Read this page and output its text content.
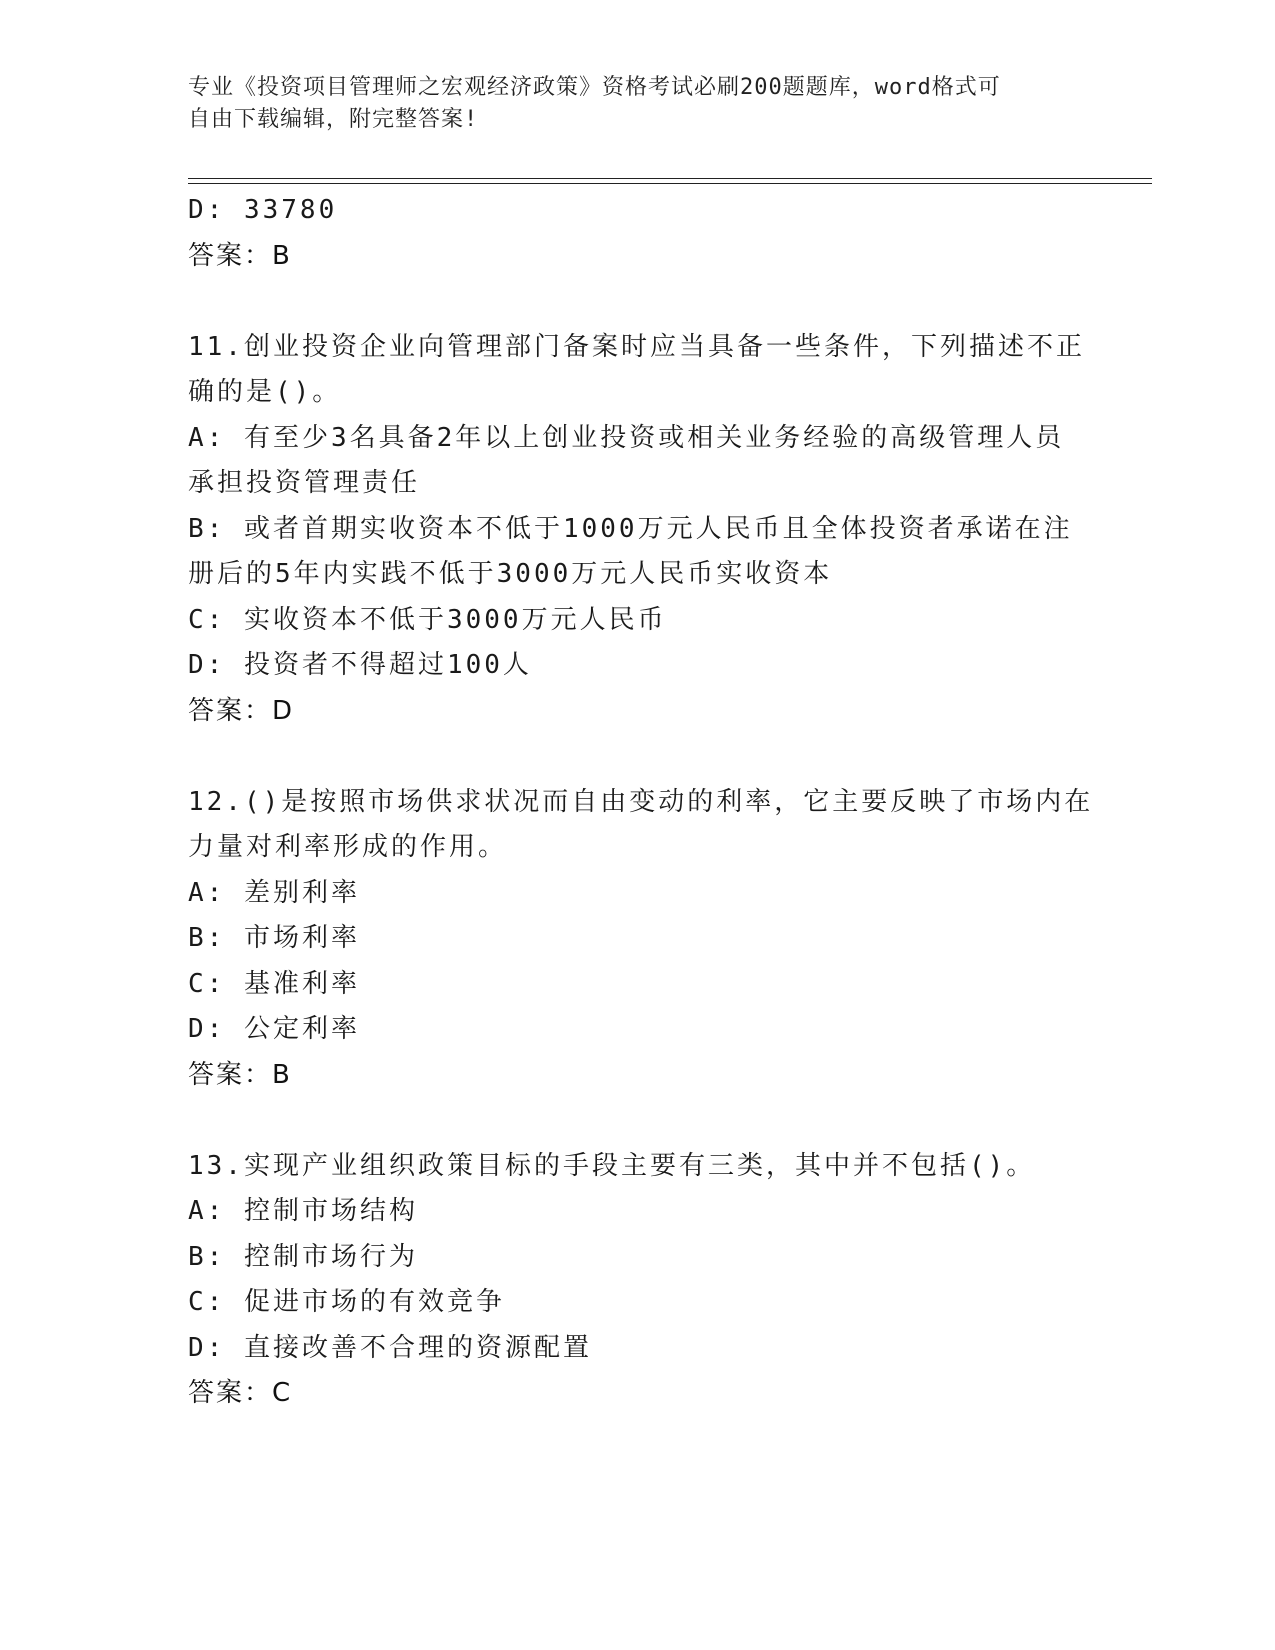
专业《投资项目管理师之宏观经济政策》资格考试必刷200题题库，word格式可
自由下载编辑，附完整答案!
D: 33780
答案：B
11.创业投资企业向管理部门备案时应当具备一些条件，下列描述不正
确的是()。
A: 有至少3名具备2年以上创业投资或相关业务经验的高级管理人员
承担投资管理责任
B: 或者首期实收资本不低于1000万元人民币且全体投资者承诺在注
册后的5年内实践不低于3000万元人民币实收资本
C: 实收资本不低于3000万元人民币
D: 投资者不得超过100人
答案：D
12.()是按照市场供求状况而自由变动的利率，它主要反映了市场内在
力量对利率形成的作用。
A: 差别利率
B: 市场利率
C: 基准利率
D: 公定利率
答案：B
13.实现产业组织政策目标的手段主要有三类，其中并不包括()。
A: 控制市场结构
B: 控制市场行为
C: 促进市场的有效竞争
D: 直接改善不合理的资源配置
答案：C
